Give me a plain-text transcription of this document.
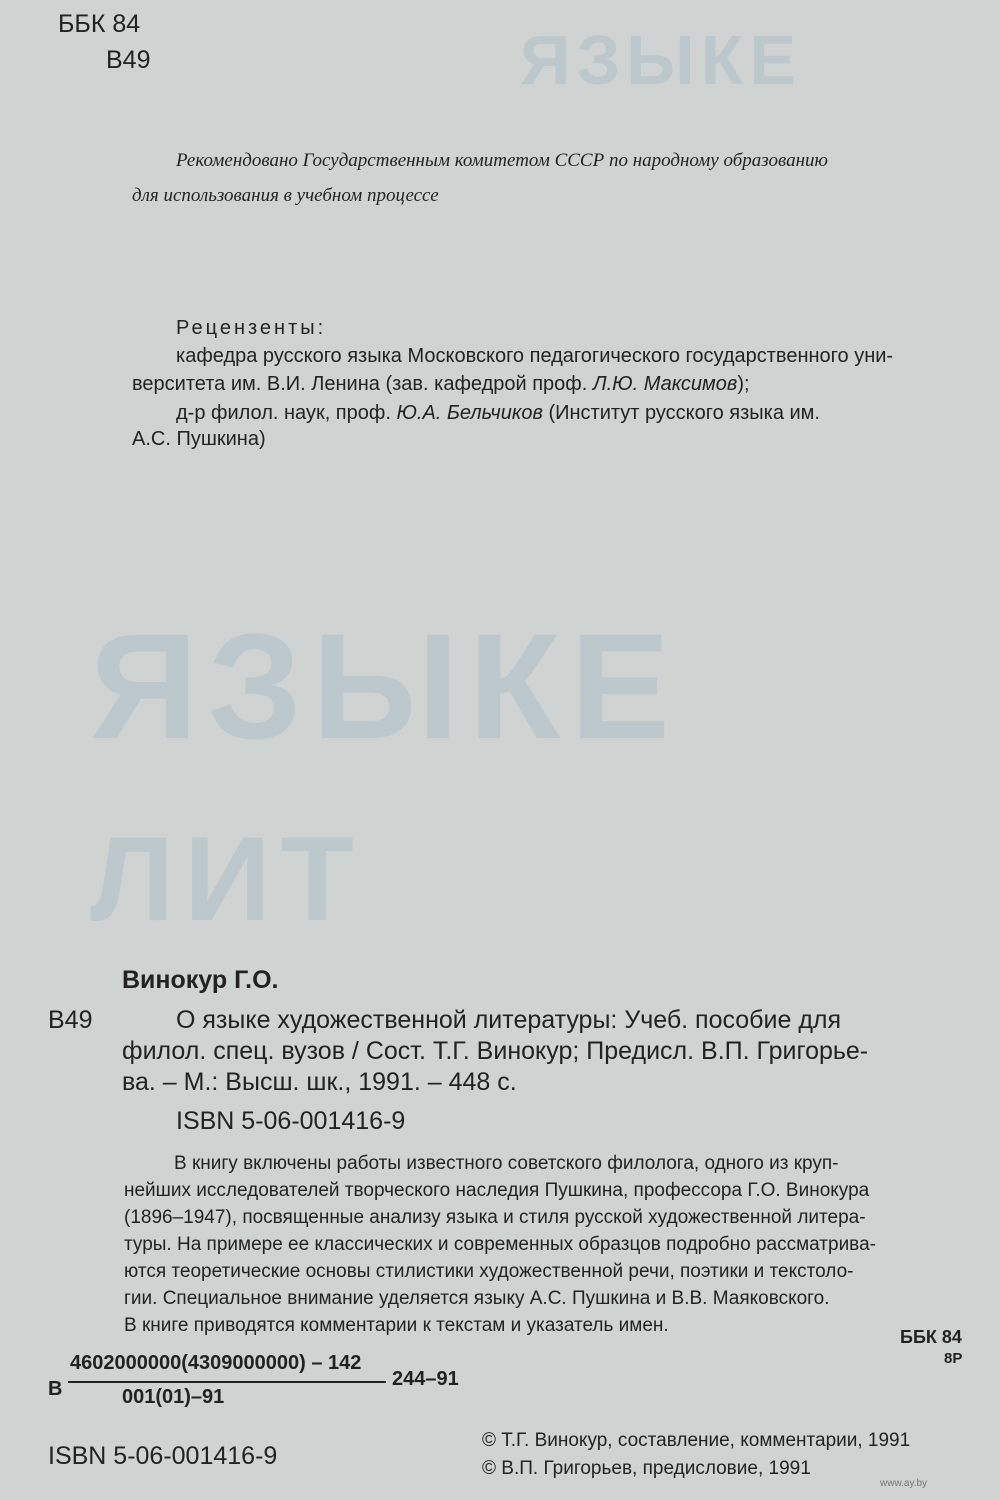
ЯЗЫКЕ
ЯЗЫКЕ
ЛИТ
ББК 84
В49
Рекомендовано Государственным комитетом СССР по народному образованию
для использования в учебном процессе
Рецензенты:
кафедра русского языка Московского педагогического государственного уни-
верситета им. В.И. Ленина (зав. кафедрой проф. Л.Ю. Максимов);
д-р филол. наук, проф. Ю.А. Бельчиков (Институт русского языка им.
А.С. Пушкина)
Винокур Г.О.
В49	О языке художественной литературы: Учеб. пособие для
филол. спец. вузов / Сост. Т.Г. Винокур; Предисл. В.П. Григорье-
ва. – М.: Высш. шк., 1991. – 448 с.
ISBN 5-06-001416-9
В книгу включены работы известного советского филолога, одного из круп-
нейших исследователей творческого наследия Пушкина, профессора Г.О. Винокура
(1896–1947), посвященные анализу языка и стиля русской художественной литера-
туры. На примере ее классических и современных образцов подробно рассматрива-
ются теоретические основы стилистики художественной речи, поэтики и текстоло-
гии. Специальное внимание уделяется языку А.С. Пушкина и В.В. Маяковского.
В книге приводятся комментарии к текстам и указатель имен.
ББК 84
8Р
В
4602000000(4309000000) – 142
001(01)–91
244–91
ISBN 5-06-001416-9
© Т.Г. Винокур, составление, комментарии, 1991
© В.П. Григорьев, предисловие, 1991
www.ay.by
